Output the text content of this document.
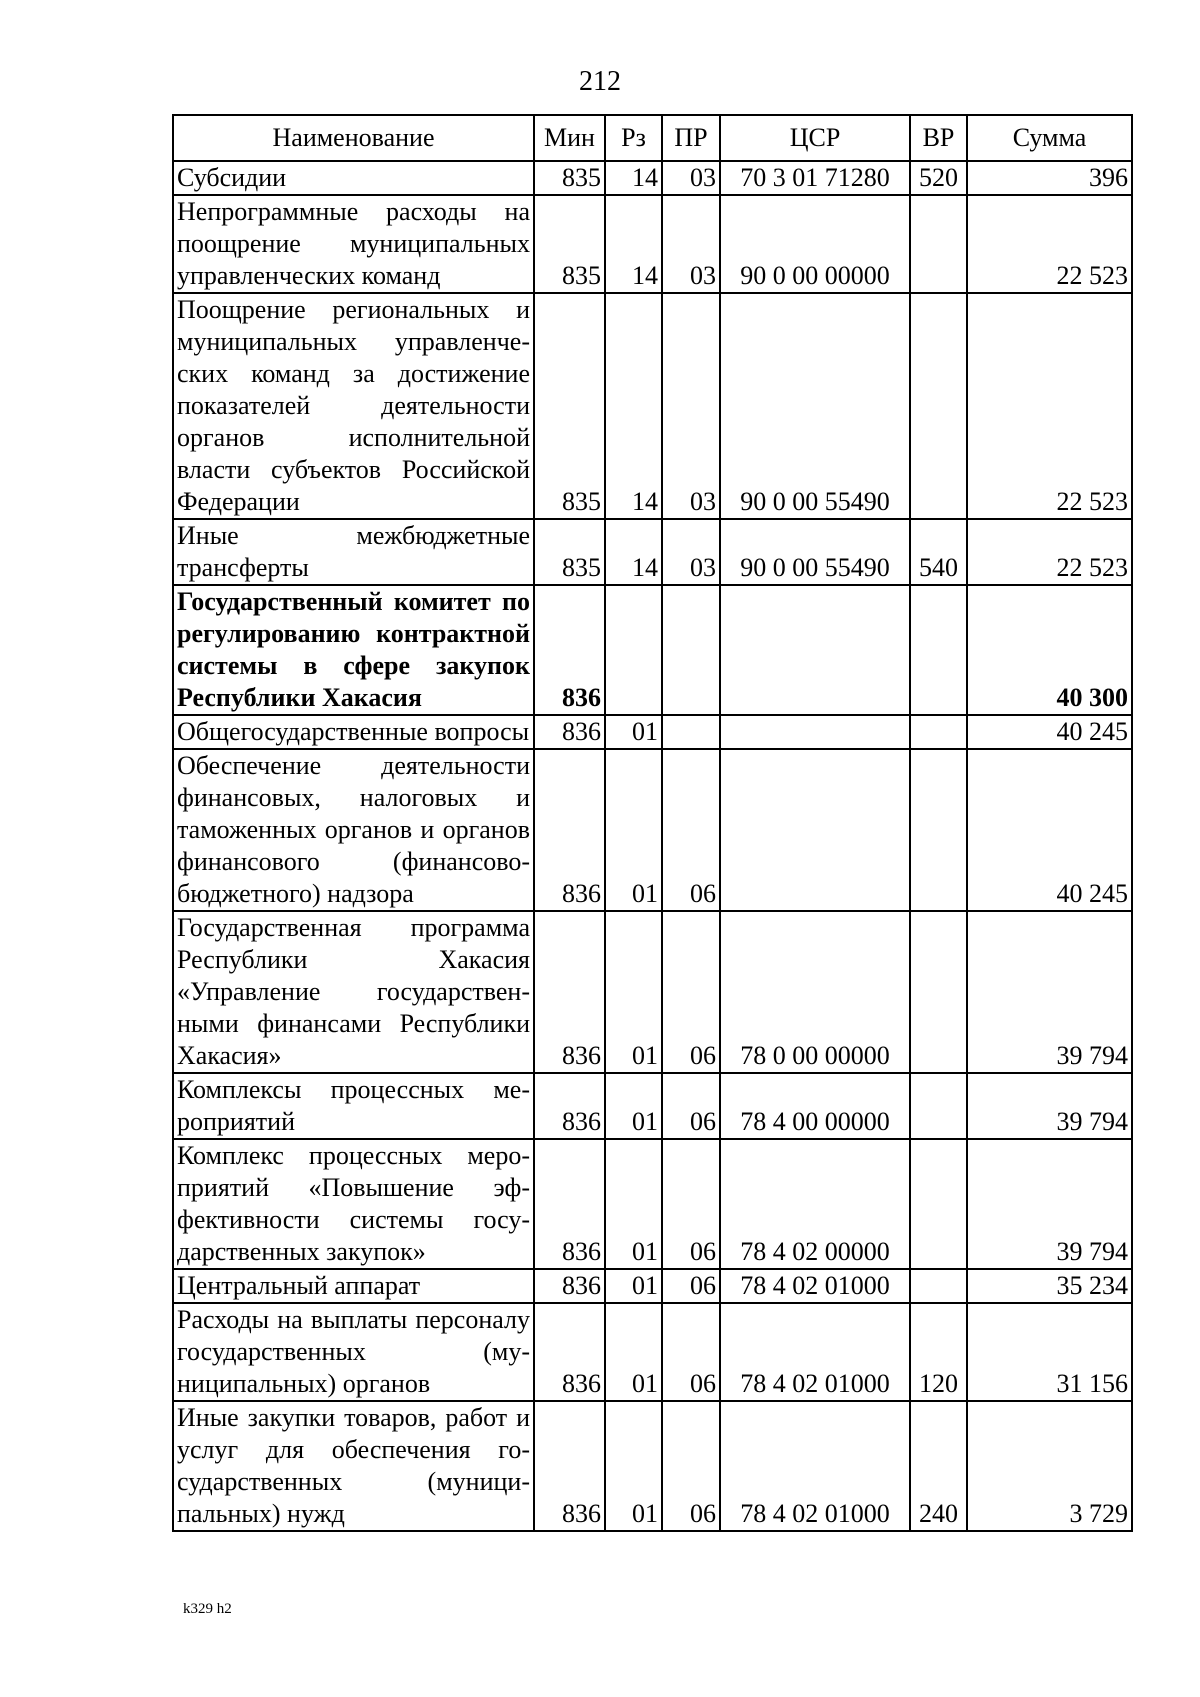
212
Наименование	Мин	Рз	ПР	ЦСР	ВР	Сумма
Субсидии	835	14	03	70 3 01 71280	520	396
Непрограммные расходы на поощрение муниципальных управленческих команд	835	14	03	90 0 00 00000		22 523
Поощрение региональных и муниципальных управленческих команд за достижение показателей деятельности органов исполнительной власти субъектов Российской Федерации	835	14	03	90 0 00 55490		22 523
Иные межбюджетные трансферты	835	14	03	90 0 00 55490	540	22 523
Государственный комитет по регулированию контрактной системы в сфере закупок Республики Хакасия	836					40 300
Общегосударственные вопросы	836	01				40 245
Обеспечение деятельности финансовых, налоговых и таможенных органов и органов финансового (финансово-бюджетного) надзора	836	01	06			40 245
Государственная программа Республики Хакасия «Управление государственными финансами Республики Хакасия»	836	01	06	78 0 00 00000		39 794
Комплексы процессных мероприятий	836	01	06	78 4 00 00000		39 794
Комплекс процессных мероприятий «Повышение эффективности системы государственных закупок»	836	01	06	78 4 02 00000		39 794
Центральный аппарат	836	01	06	78 4 02 01000		35 234
Расходы на выплаты персоналу государственных (муниципальных) органов	836	01	06	78 4 02 01000	120	31 156
Иные закупки товаров, работ и услуг для обеспечения государственных (муниципальных) нужд	836	01	06	78 4 02 01000	240	3 729
k329 h2
